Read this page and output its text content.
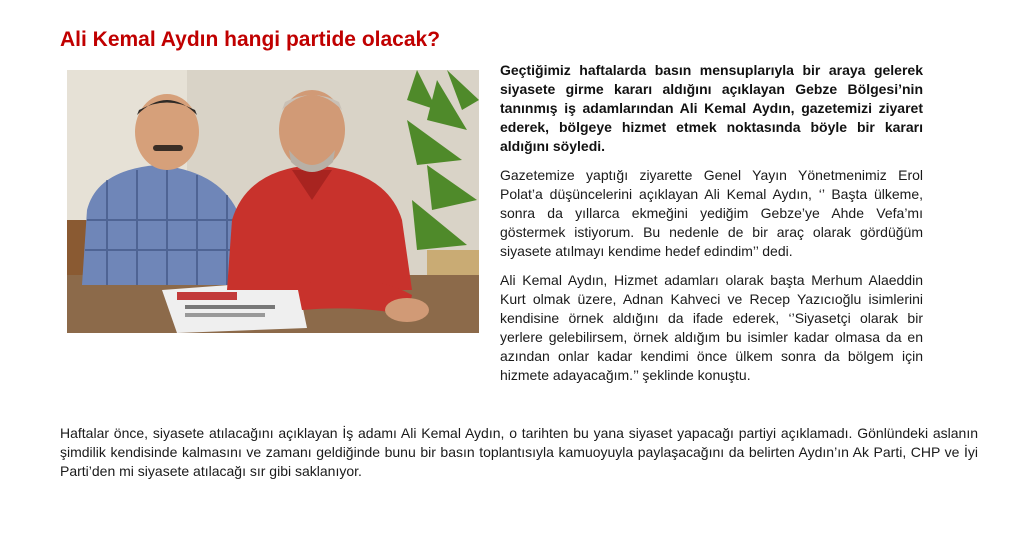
Ali Kemal Aydın hangi partide olacak?

Geçtiğimiz haftalarda basın mensuplarıyla bir araya gelerek siyasete girme kararı aldığını açıklayan Gebze Bölgesi’nin tanınmış iş adamlarından Ali Kemal Aydın, gazetemizi ziyaret ederek, bölgeye hizmet etmek noktasında böyle bir kararı aldığını söyledi.

Gazetemize yaptığı ziyarette Genel Yayın Yönetmenimiz Erol Polat’a düşüncelerini açıklayan Ali Kemal Aydın, ‘’ Başta ülkeme, sonra da yıllarca ekmeğini yediğim Gebze’ye Ahde Vefa’mı göstermek istiyorum. Bu nedenle de bir araç olarak gördüğüm siyasete atılmayı kendime hedef edindim’’ dedi.

Ali Kemal Aydın, Hizmet adamları olarak başta Merhum Alaeddin Kurt olmak üzere, Adnan Kahveci ve Recep Yazıcıoğlu isimlerini kendisine örnek aldığını da ifade ederek, ‘’Siyasetçi olarak bir yerlere gelebilirsem, örnek aldığım bu isimler kadar olmasa da en azından onlar kadar kendimi önce ülkem sonra da bölgem için hizmete adayacağım.’’ şeklinde konuştu.

Haftalar önce, siyasete atılacağını açıklayan İş adamı Ali Kemal Aydın, o tarihten bu yana siyaset yapacağı partiyi açıklamadı. Gönlündeki aslanın şimdilik kendisinde kalmasını ve zamanı geldiğinde bunu bir basın toplantısıyla kamuoyuyla paylaşacağını da belirten Aydın’ın Ak Parti, CHP ve İyi Parti’den mi siyasete atılacağı sır gibi saklanıyor.
